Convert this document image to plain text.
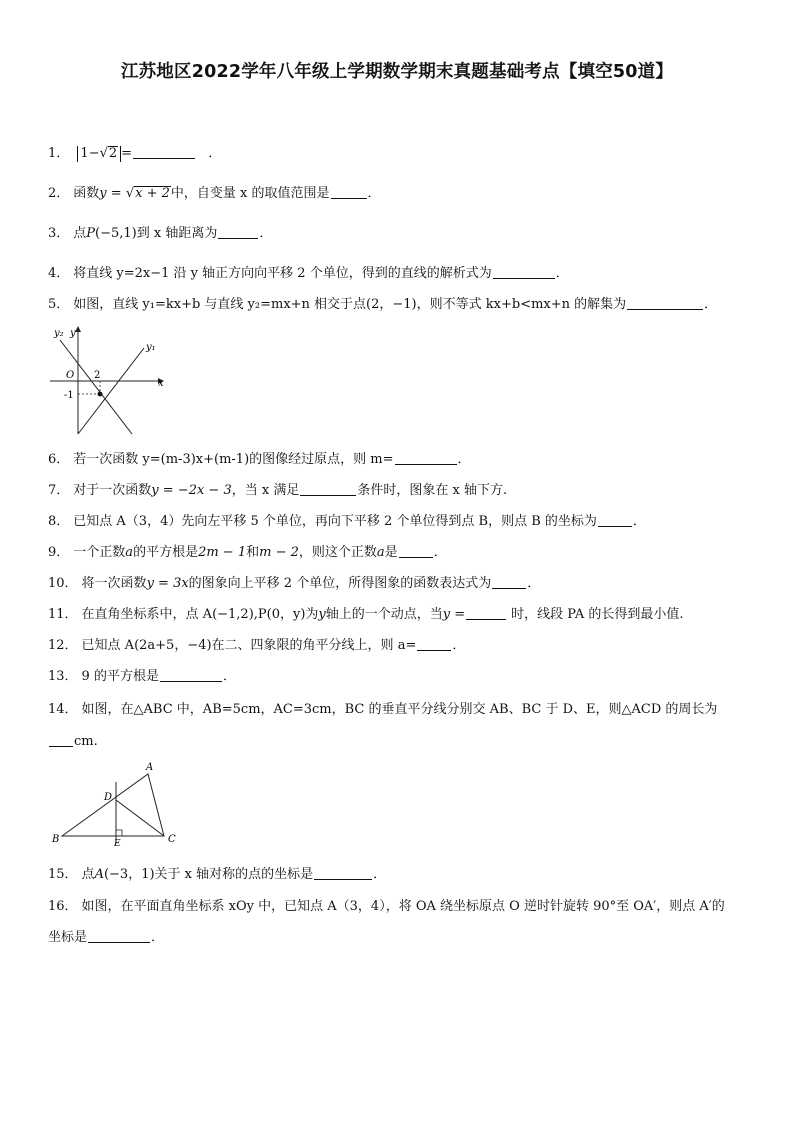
江苏地区2022学年八年级上学期数学期末真题基础考点【填空50道】
1． 1−√2 =	．
2． 函数y = √x + 2中，自变量 x 的取值范围是	．
3． 点P(−5,1)到 x 轴距离为	．
4． 将直线 y=2x−1 沿 y 轴正方向向平移 2 个单位，得到的直线的解析式为	．
5． 如图，直线 y₁=kx+b 与直线 y₂=mx+n 相交于点(2，−1)，则不等式 kx+b<mx+n 的解集为	．
y₂ y
y₁
O 2
-1
x
6． 若一次函数 y=(m-3)x+(m-1)的图像经过原点，则 m=	．
7． 对于一次函数y = −2x − 3，当 x 满足	条件时，图象在 x 轴下方.
8． 已知点 A（3，4）先向左平移 5 个单位，再向下平移 2 个单位得到点 B，则点 B 的坐标为	．
9． 一个正数a的平方根是2m − 1和m − 2，则这个正数a是	．
10． 将一次函数y = 3x的图象向上平移 2 个单位，所得图象的函数表达式为	．
11． 在直角坐标系中，点 A(−1,2),P(0，y)为y轴上的一个动点，当y =	时，线段 PA 的长得到最小值.
12． 已知点 A(2a+5，−4)在二、四象限的角平分线上，则 a=	．
13． 9 的平方根是	．
14． 如图，在△ABC 中，AB=5cm，AC=3cm，BC 的垂直平分线分别交 AB、BC 于 D、E，则△ACD 的周长为
cm.
A
B	C
D
E
15． 点A(−3，1)关于 x 轴对称的点的坐标是	．
16． 如图，在平面直角坐标系 xOy 中，已知点 A（3，4），将 OA 绕坐标原点 O 逆时针旋转 90°至 OA′，则点 A′的
坐标是	．
